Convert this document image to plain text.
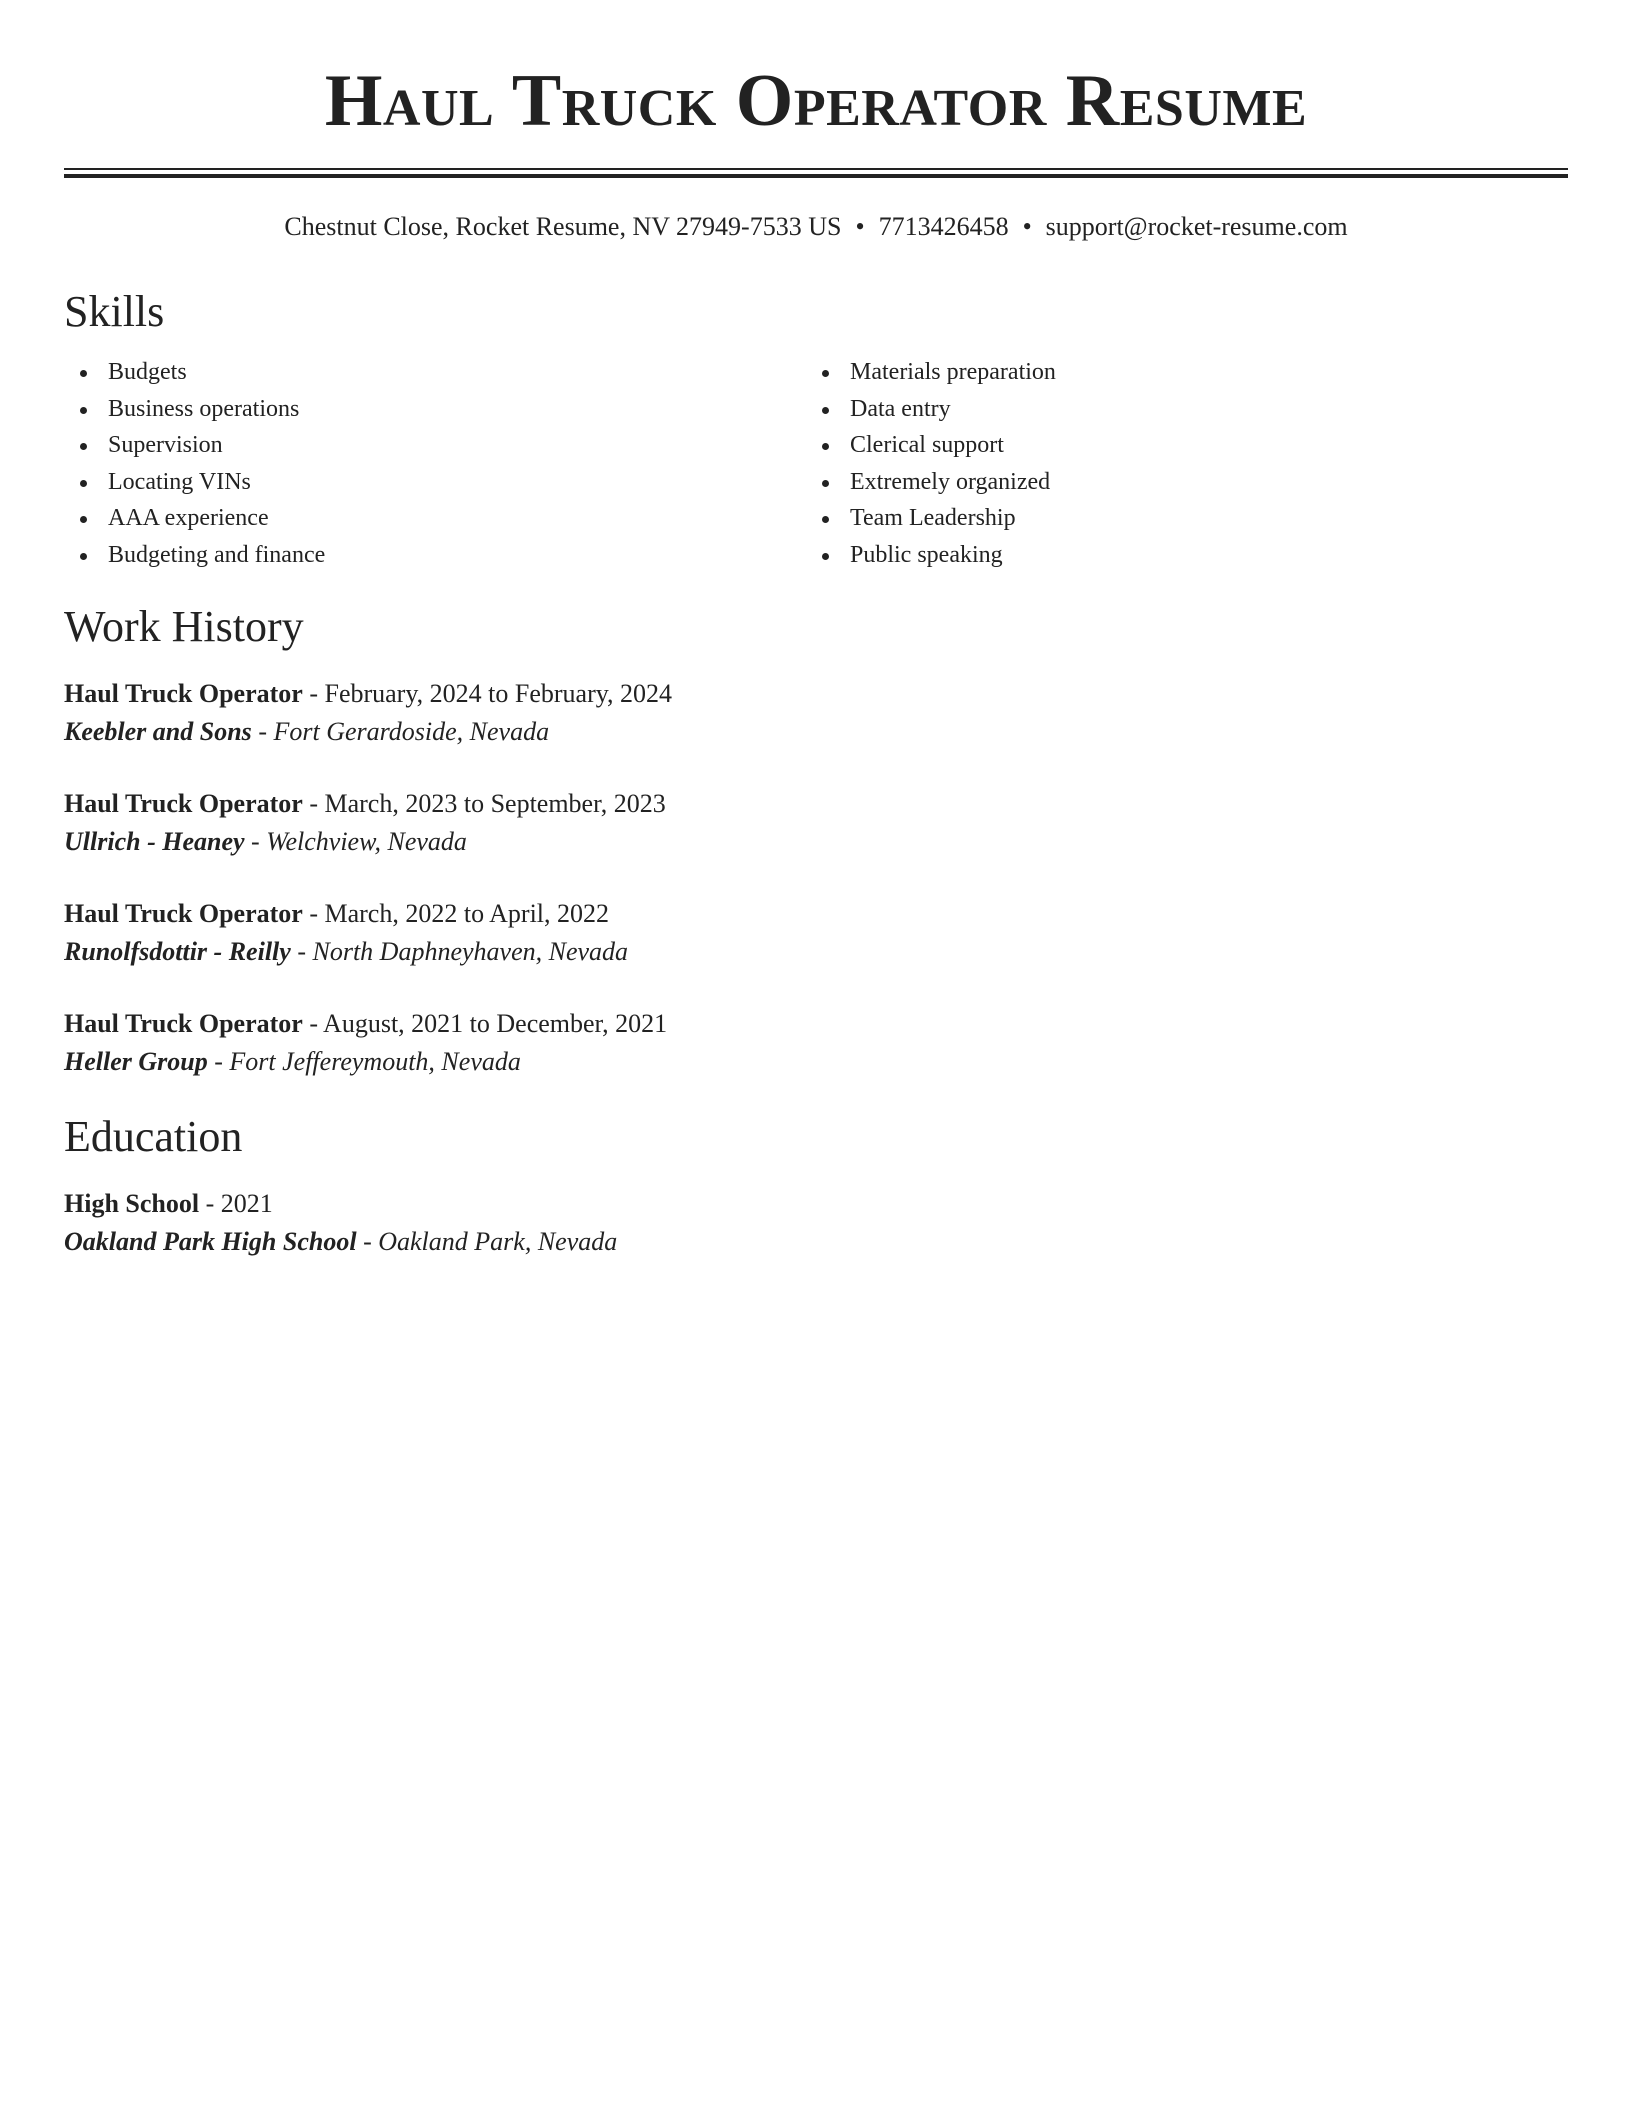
Haul Truck Operator Resume
Chestnut Close, Rocket Resume, NV 27949-7533 US • 7713426458 • support@rocket-resume.com
Skills
Budgets
Business operations
Supervision
Locating VINs
AAA experience
Budgeting and finance
Materials preparation
Data entry
Clerical support
Extremely organized
Team Leadership
Public speaking
Work History
Haul Truck Operator - February, 2024 to February, 2024
Keebler and Sons - Fort Gerardoside, Nevada
Haul Truck Operator - March, 2023 to September, 2023
Ullrich - Heaney - Welchview, Nevada
Haul Truck Operator - March, 2022 to April, 2022
Runolfsdottir - Reilly - North Daphneyhaven, Nevada
Haul Truck Operator - August, 2021 to December, 2021
Heller Group - Fort Jeffereymouth, Nevada
Education
High School - 2021
Oakland Park High School - Oakland Park, Nevada
